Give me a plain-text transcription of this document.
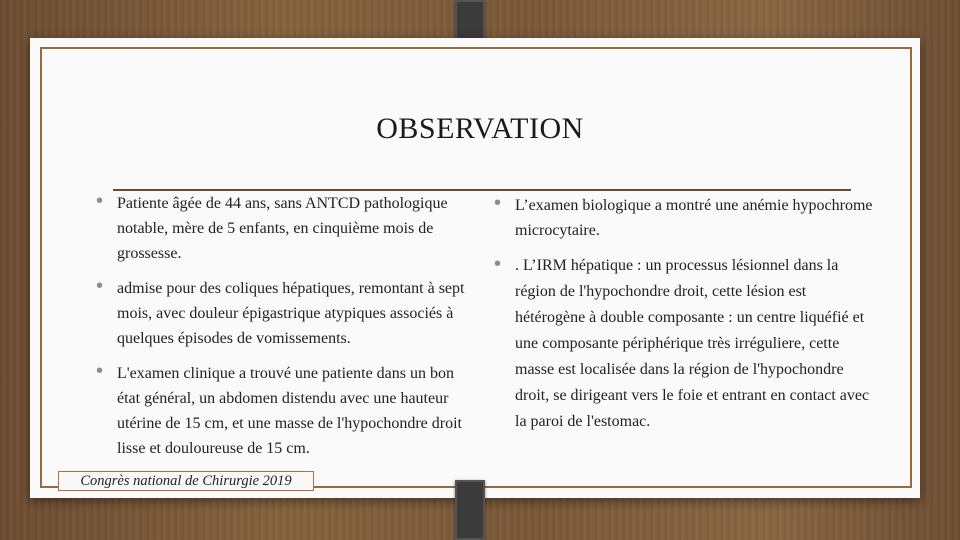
OBSERVATION

• Patiente âgée de 44 ans, sans ANTCD pathologique notable, mère de 5 enfants, en cinquième mois de grossesse.

• admise pour des coliques hépatiques, remontant à sept mois, avec douleur épigastrique atypiques associés à quelques épisodes de vomissements.

• L'examen clinique a trouvé une patiente dans un bon état général, un abdomen distendu avec une hauteur utérine de 15 cm, et une masse de l'hypochondre droit lisse et douloureuse de 15 cm.

• L’examen biologique a montré une anémie hypochrome microcytaire.

• . L’IRM hépatique : un processus lésionnel dans la région de l'hypochondre droit, cette lésion est hétérogène à double composante : un centre liquéfié et une composante périphérique très irréguliere, cette masse est localisée dans la région de l'hypochondre droit, se dirigeant vers le foie et entrant en contact avec la paroi de l'estomac.

Congrès national de Chirurgie 2019
